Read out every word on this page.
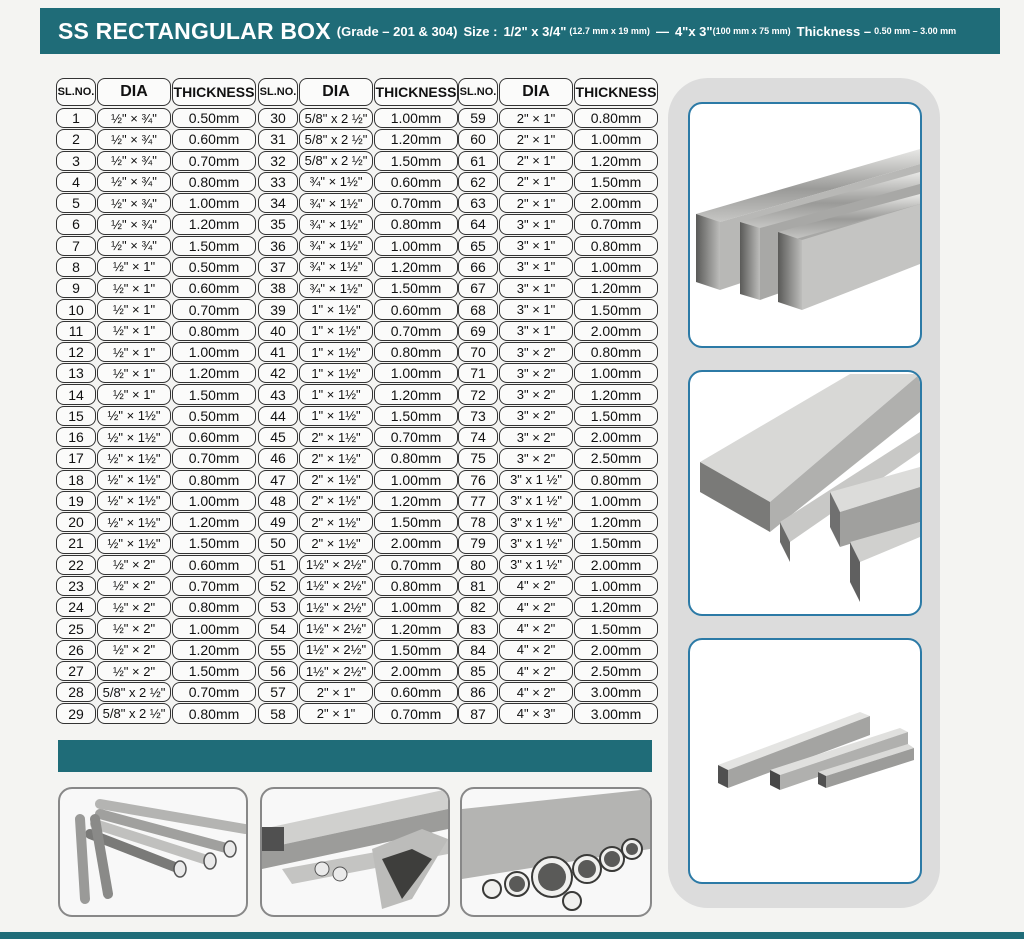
SS RECTANGULAR BOX (Grade – 201 & 304) Size : 1/2" x 3/4" (12.7 mm x 19 mm) — 4"x 3" (100 mm x 75 mm) Thickness – 0.50 mm – 3.00 mm
SL.NO.	DIA	THICKNESS
1	½" × ¾"	0.50mm
2	½" × ¾"	0.60mm
3	½" × ¾"	0.70mm
4	½" × ¾"	0.80mm
5	½" × ¾"	1.00mm
6	½" × ¾"	1.20mm
7	½" × ¾"	1.50mm
8	½" × 1"	0.50mm
9	½" × 1"	0.60mm
10	½" × 1"	0.70mm
11	½" × 1"	0.80mm
12	½" × 1"	1.00mm
13	½" × 1"	1.20mm
14	½" × 1"	1.50mm
15	½" × 1½"	0.50mm
16	½" × 1½"	0.60mm
17	½" × 1½"	0.70mm
18	½" × 1½"	0.80mm
19	½" × 1½"	1.00mm
20	½" × 1½"	1.20mm
21	½" × 1½"	1.50mm
22	½" × 2"	0.60mm
23	½" × 2"	0.70mm
24	½" × 2"	0.80mm
25	½" × 2"	1.00mm
26	½" × 2"	1.20mm
27	½" × 2"	1.50mm
28	5/8" x 2 ½"	0.70mm
29	5/8" x 2 ½"	0.80mm
SL.NO.	DIA	THICKNESS
30	5/8" x 2 ½"	1.00mm
31	5/8" x 2 ½"	1.20mm
32	5/8" x 2 ½"	1.50mm
33	¾" × 1½"	0.60mm
34	¾" × 1½"	0.70mm
35	¾" × 1½"	0.80mm
36	¾" × 1½"	1.00mm
37	¾" × 1½"	1.20mm
38	¾" × 1½"	1.50mm
39	1" × 1½"	0.60mm
40	1" × 1½"	0.70mm
41	1" × 1½"	0.80mm
42	1" × 1½"	1.00mm
43	1" × 1½"	1.20mm
44	1" × 1½"	1.50mm
45	2" × 1½"	0.70mm
46	2" × 1½"	0.80mm
47	2" × 1½"	1.00mm
48	2" × 1½"	1.20mm
49	2" × 1½"	1.50mm
50	2" × 1½"	2.00mm
51	1½" × 2½"	0.70mm
52	1½" × 2½"	0.80mm
53	1½" × 2½"	1.00mm
54	1½" × 2½"	1.20mm
55	1½" × 2½"	1.50mm
56	1½" × 2½"	2.00mm
57	2" × 1"	0.60mm
58	2" × 1"	0.70mm
SL.NO.	DIA	THICKNESS
59	2" × 1"	0.80mm
60	2" × 1"	1.00mm
61	2" × 1"	1.20mm
62	2" × 1"	1.50mm
63	2" × 1"	2.00mm
64	3" × 1"	0.70mm
65	3" × 1"	0.80mm
66	3" × 1"	1.00mm
67	3" × 1"	1.20mm
68	3" × 1"	1.50mm
69	3" × 1"	2.00mm
70	3" × 2"	0.80mm
71	3" × 2"	1.00mm
72	3" × 2"	1.20mm
73	3" × 2"	1.50mm
74	3" × 2"	2.00mm
75	3" × 2"	2.50mm
76	3" x 1 ½"	0.80mm
77	3" x 1 ½"	1.00mm
78	3" x 1 ½"	1.20mm
79	3" x 1 ½"	1.50mm
80	3" x 1 ½"	2.00mm
81	4" × 2"	1.00mm
82	4" × 2"	1.20mm
83	4" × 2"	1.50mm
84	4" × 2"	2.00mm
85	4" × 2"	2.50mm
86	4" × 2"	3.00mm
87	4" × 3"	3.00mm
